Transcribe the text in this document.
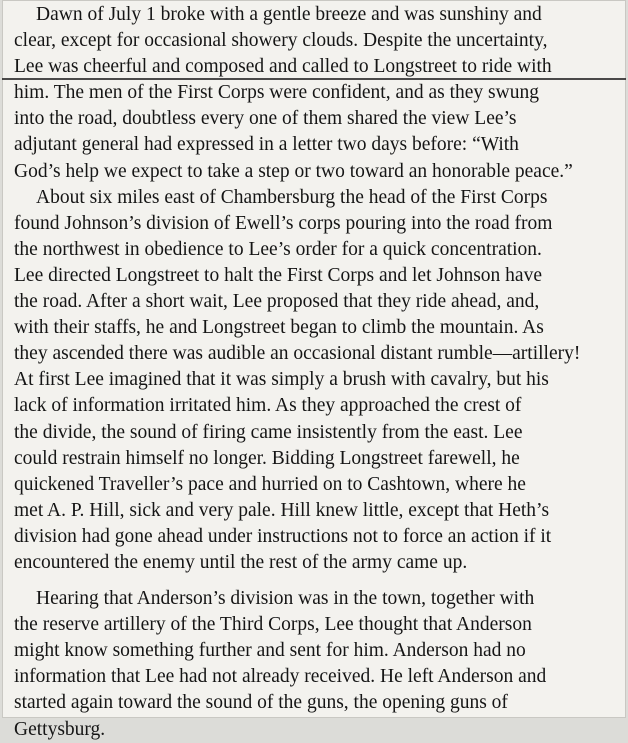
Dawn of July 1 broke with a gentle breeze and was sunshiny and
clear, except for occasional showery clouds. Despite the uncertainty,
Lee was cheerful and composed and called to Longstreet to ride with
him. The men of the First Corps were confident, and as they swung
into the road, doubtless every one of them shared the view Lee’s
adjutant general had expressed in a letter two days before: “With
God’s help we expect to take a step or two toward an honorable peace.”

About six miles east of Chambersburg the head of the First Corps
found Johnson’s division of Ewell’s corps pouring into the road from
the northwest in obedience to Lee’s order for a quick concentration.
Lee directed Longstreet to halt the First Corps and let Johnson have
the road. After a short wait, Lee proposed that they ride ahead, and,
with their staffs, he and Longstreet began to climb the mountain. As
they ascended there was audible an occasional distant rumble—artillery!
At first Lee imagined that it was simply a brush with cavalry, but his
lack of information irritated him. As they approached the crest of
the divide, the sound of firing came insistently from the east. Lee
could restrain himself no longer. Bidding Longstreet farewell, he
quickened Traveller’s pace and hurried on to Cashtown, where he
met A. P. Hill, sick and very pale. Hill knew little, except that Heth’s
division had gone ahead under instructions not to force an action if it
encountered the enemy until the rest of the army came up.

Hearing that Anderson’s division was in the town, together with
the reserve artillery of the Third Corps, Lee thought that Anderson
might know something further and sent for him. Anderson had no
information that Lee had not already received. He left Anderson and
started again toward the sound of the guns, the opening guns of
Gettysburg.
